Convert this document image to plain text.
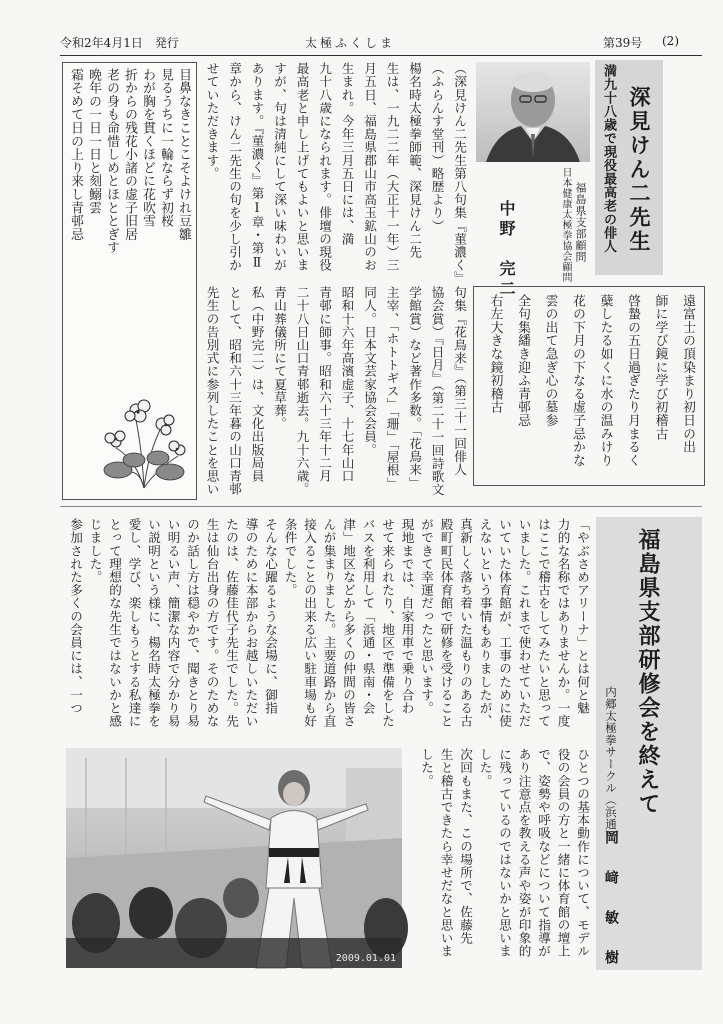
令和2年4月1日　発行	太極ふくしま	第39号 (2)
満九十八歳で現役最高老の俳人 深見けん二先生
日本健康太極拳協会顧問 福島県支部顧問
中野　完二
遠富士の頂染まり初日の出
師に学び鏡に学び初稽古
啓蟄の五日過ぎたり月まるく
蘖したる如くに水の温みけり
花の下月の下なる虚子忌かな
雲の出て急ぎ心の墓参
全句集繙き迎ふ青邨忌
右左大きな鏡初稽古
（深見けん二先生第八句集『菫濃く』
（ふらんす堂刊）略歴より）
楊名時太極拳師範、深見けん二先
生は、一九二二年（大正十一年）三
月五日、福島県郡山市高玉鉱山のお
生まれ。今年三月五日には、満
九十八歳になられます。俳壇の現役
最高老と申し上げてもよいと思いま
すが、句は清純にして深い味わいが
あります。『菫濃く』第Ⅰ章・第Ⅱ
章から、けん二先生の句を少し引か
せていただきます。
句集『花鳥来』（第三十一回俳人
協会賞）『日月』（第二十一回詩歌文
学館賞）など著作多数。「花鳥来」
主宰、「ホトトギス」「珊」「屋根」
同人。日本文芸家協会会員。
昭和十六年高濱虚子、十七年山口
青邨に師事。昭和六十三年十二月
二十八日山口青邨逝去。九十六歳。
青山葬儀所にて夏草葬。
私（中野完二）は、文化出版局員
として、昭和六十三年暮の山口青邨
先生の告別式に参列したことを思い
目鼻なきことこそよけれ豆雛
見るうちに一輪ならず初桜
わが胸を貫くほどに花吹雪
折からの残花小諸の虚子旧居
老の身も命惜しめとほととぎす
晩年の一日一日と刻鰯雲
霜そめて日の上り来し青邨忌
福島県支部研修会を終えて
内郷太極拳サークル（浜通）
岡　﨑　敏　樹
「やぶさめアリーナ」とは何と魅
力的な名称ではありませんか。一度
はここで稽古をしてみたいと思って
いました。これまで使わせていただ
いていた体育館が、工事のために使
えないという事情もありましたが、
真新しく落ち着いた温もりのある古
殿町町民体育館で研修を受けること
ができて幸運だったと思います。
現地までは、自家用車で乗り合わ
せて来られたり、地区で準備をした
バスを利用して「浜通・県南・会
津」地区などから多くの仲間の皆さ
んが集まりました。主要道路から直
接入ることの出来る広い駐車場も好
条件でした。
そんな心躍るような会場に、御指
導のために本部からお越しいただい
たのは、佐藤佳代子先生でした。先
生は仙台出身の方です。そのためな
のか話し方は穏やかで、聞きとり易
い明るい声、簡潔な内容で分かり易
い説明という様に、楊名時太極拳を
愛し、学び、楽しもうとする私達に
とって理想的な先生ではないかと感
じました。
参加された多くの会員には、一つ
2009.01.01
ひとつの基本動作について、モデル
役の会員の方と一緒に体育館の壇上
で、姿勢や呼吸などについて指導が
あり注意点を教える声や姿が印象的
に残っているのではないかと思いま
した。
次回もまた、この場所で、佐藤先
生と稽古できたら幸せだなと思いま
した。
